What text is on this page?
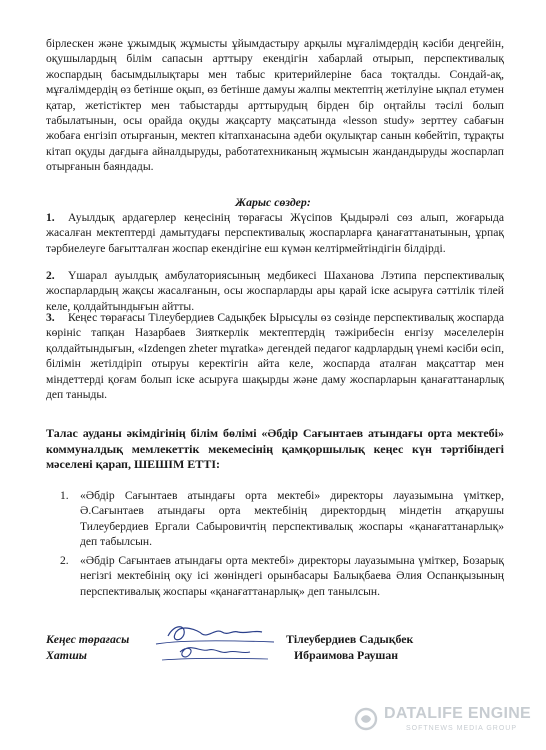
бірлескен және ұжымдық жұмысты ұйымдастыру арқылы мұғалімдердің кәсіби деңгейін, оқушылардың білім сапасын арттыру екендігін хабарлай отырып, перспективалық жоспардың басымдылықтары мен табыс критерийлеріне баса тоқталды. Сондай-ақ, мұғалімдердің өз бетінше оқып, өз бетінше дамуы жалпы мектептің жетілуіне ықпал етумен қатар, жетістіктер мен табыстарды арттырудың бірден бір оңтайлы тәсілі болып табылатынын, осы орайда оқуды жақсарту мақсатында «lesson study» зерттеу сабағын жобаға енгізіп отырғанын, мектеп кітапханасына әдеби оқулықтар санын көбейтіп, тұрақты кітап оқуды дағдыға айналдыруды, работатехниканың жұмысын жандандыруды жоспарлап отырғанын баяндады.

Жарыс сөздер:

1. Ауылдық ардагерлер кеңесінің төрағасы Жүсіпов Қыдырәлі сөз алып, жоғарыда жасалған мектептерді дамытудағы перспективалық жоспарларға қанағаттанатынын, ұрпақ тәрбиелеуге бағытталған жоспар екендігіне еш күмән келтірмейтіндігін білдірді.

2. Үшарал ауылдық амбулаториясының медбикесі Шаханова Лэтипа перспективалық жоспарлардың жақсы жасалғанын, осы жоспарларды ары қарай іске асыруға сәттілік тілей келе, қолдайтындығын айтты.

3. Кеңес төрағасы Тілеубердиев Садықбек Ырысұлы өз сөзінде перспективалық жоспарда көрініс тапқан Назарбаев Зияткерлік мектептердің тәжірибесін енгізу мәселелерін қолдайтындығын, «Izdengen zheter mұratka» дегендей педагог кадрлардың үнемі кәсіби өсіп, білімін жетілдіріп отыруы керектігін айта келе, жоспарда аталған мақсаттар мен міндеттерді қоғам болып іске асыруға шақырды және даму жоспарларын қанағаттанарлық деп таныды.

Талас ауданы әкімдігінің білім бөлімі «Әбдір Сағынтаев атындағы орта мектебі» коммуналдық мемлекеттік мекемесінің қамқоршылық кеңес күн тәртібіндегі мәселені қарап, ШЕШІМ ЕТТІ:

1. «Әбдір Сағынтаев атындағы орта мектебі» директоры лауазымына үміткер, Ә.Сағынтаев атындағы орта мектебінің директордың міндетін атқарушы Тилеубердиев Ергали Сабыровичтің перспективалық жоспары «қанағаттанарлық» деп табылсын.

2. «Әбдір Сағынтаев атындағы орта мектебі» директоры лауазымына үміткер, Бозарық негізгі мектебінің оқу ісі жөніндегі орынбасары Балықбаева Әлия Оспанқызының перспективалық жоспары «қанағаттанарлық» деп танылсын.

Кеңес төрағасы

Хатшы

Тілеубердиев Садықбек

Ибраимова Раушан

DATALIFE ENGINE
SOFTNEWS MEDIA GROUP
